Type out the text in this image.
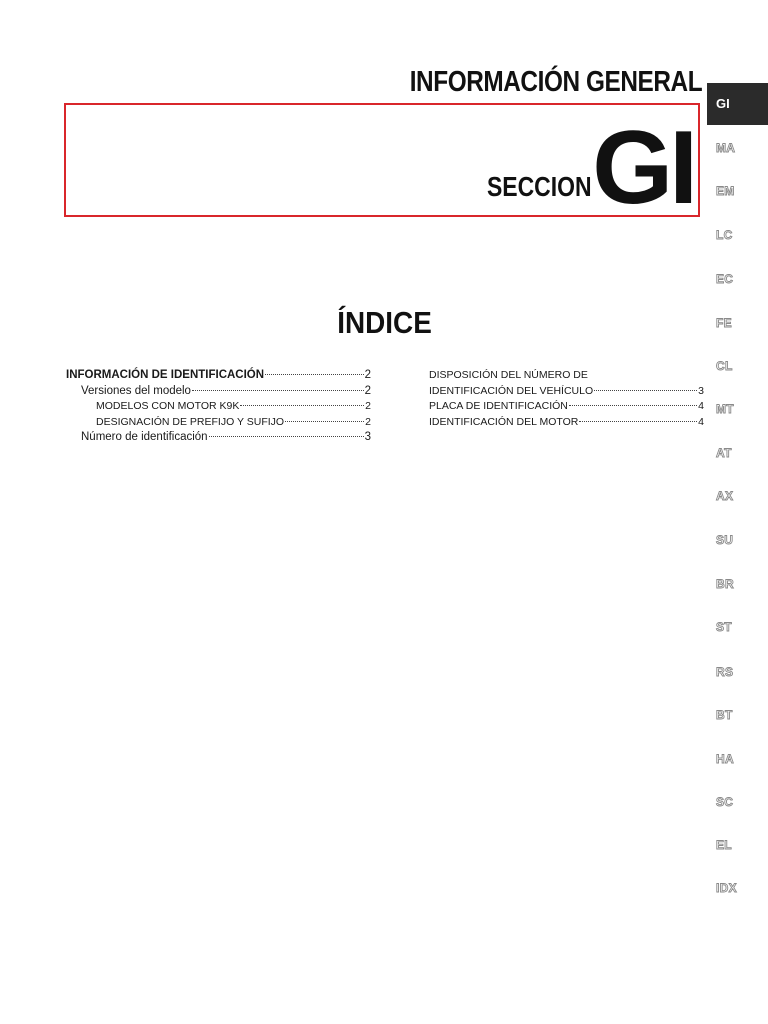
INFORMACIÓN GENERAL
SECCION GI
ÍNDICE
INFORMACIÓN DE IDENTIFICACIÓN	2
Versiones del modelo	2
MODELOS CON MOTOR K9K	2
DESIGNACIÓN DE PREFIJO Y SUFIJO	2
Número de identificación	3
DISPOSICIÓN DEL NÚMERO DE
IDENTIFICACIÓN DEL VEHÍCULO	3
PLACA DE IDENTIFICACIÓN	4
IDENTIFICACIÓN DEL MOTOR	4
GI
MA
EM
LC
EC
FE
CL
MT
AT
AX
SU
BR
ST
RS
BT
HA
SC
EL
IDX
